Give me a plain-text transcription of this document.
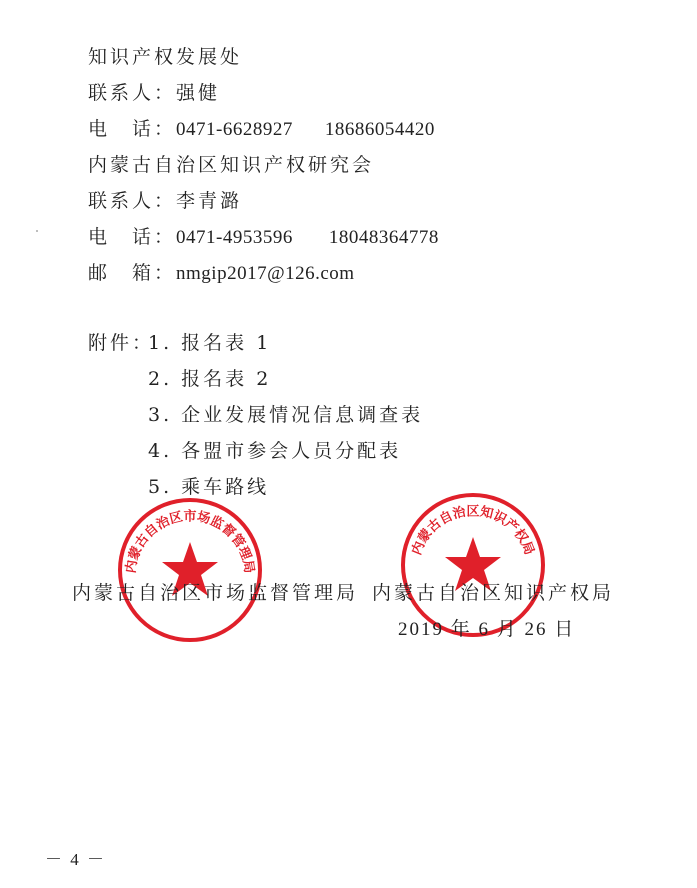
知识产权发展处
联系人：强健
电　话：0471-6628927 18686054420
内蒙古自治区知识产权研究会
联系人：李青潞
电　话：0471-4953596 18048364778
邮　箱：nmgip2017@126.com
附件：
1. 报名表 1
2. 报名表 2
3. 企业发展情况信息调查表
4. 各盟市参会人员分配表
5. 乘车路线
内蒙古自治区市场监督管理局
内蒙古自治区知识产权局
内蒙古自治区市场监督管理局 内蒙古自治区知识产权局
2019 年 6 月 26 日
－ 4 －
